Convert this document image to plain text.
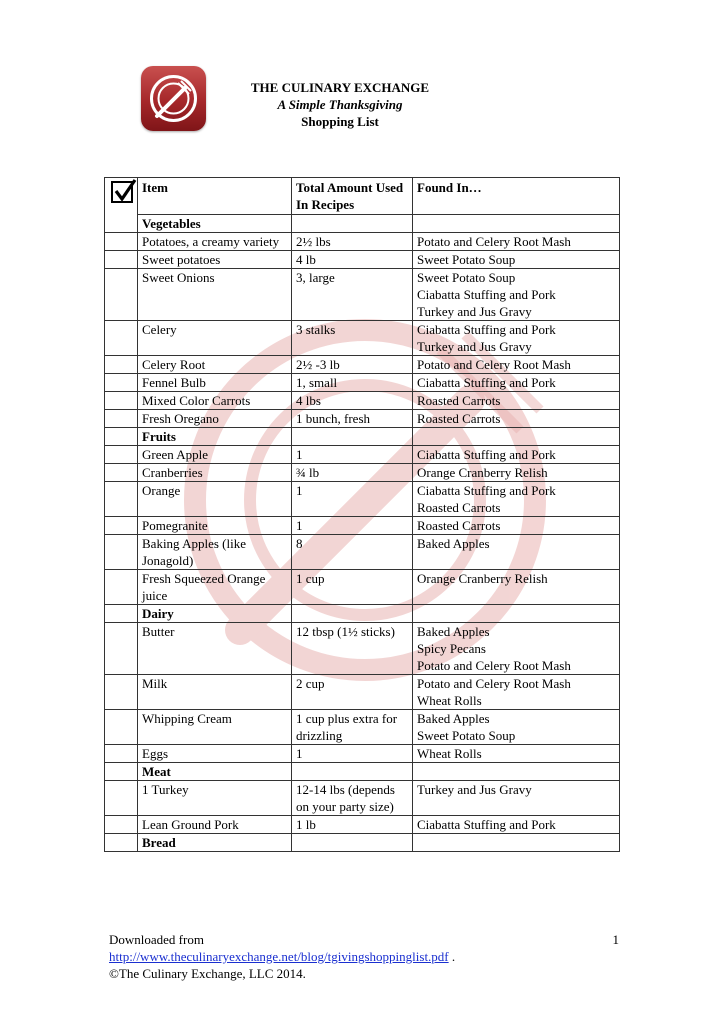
THE CULINARY EXCHANGE
A Simple Thanksgiving
Shopping List
	Item	Total Amount Used In Recipes	Found In…
	Vegetables		
	Potatoes, a creamy variety	2½ lbs	Potato and Celery Root Mash

	Sweet potatoes	4 lb	Sweet Potato Soup

	Sweet Onions	3, large	Sweet Potato Soup
Ciabatta Stuffing and Pork
Turkey and Jus Gravy

	Celery	3 stalks	Ciabatta Stuffing and Pork
Turkey and Jus Gravy

	Celery Root	2½ -3 lb	Potato and Celery Root Mash

	Fennel Bulb	1, small	Ciabatta Stuffing and Pork

	Mixed Color Carrots	4 lbs	Roasted Carrots

	Fresh Oregano	1 bunch, fresh	Roasted Carrots

	Fruits		
	Green Apple	1	Ciabatta Stuffing and Pork

	Cranberries	¾ lb	Orange Cranberry Relish

	Orange	1	Ciabatta Stuffing and Pork
Roasted Carrots

	Pomegranite	1	Roasted Carrots

	Baking Apples (like Jonagold)	8	Baked Apples

	Fresh Squeezed Orange juice	1 cup	Orange Cranberry Relish

	Dairy		
	Butter	12 tbsp (1½ sticks)	Baked Apples
Spicy Pecans
Potato and Celery Root Mash

	Milk	2 cup	Potato and Celery Root Mash
Wheat Rolls

	Whipping Cream	1 cup plus extra for drizzling	Baked Apples
Sweet Potato Soup

	Eggs	1	Wheat Rolls

	Meat		
	1 Turkey	12-14 lbs (depends on your party size)	Turkey and Jus Gravy

	Lean Ground Pork	1 lb	Ciabatta Stuffing and Pork

	Bread		
Downloaded from
http://www.theculinaryexchange.net/blog/tgivingshoppinglist.pdf .
©The Culinary Exchange, LLC 2014.
1
